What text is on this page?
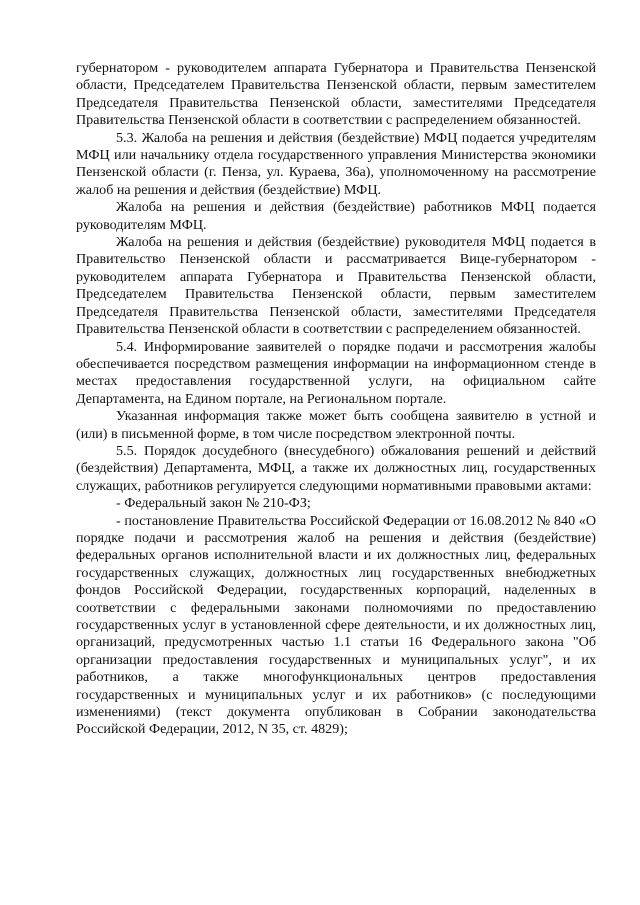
губернатором - руководителем аппарата Губернатора и Правительства Пензенской области, Председателем Правительства Пензенской области, первым заместителем Председателя Правительства Пензенской области, заместителями Председателя Правительства Пензенской области в соответствии с распределением обязанностей.

5.3. Жалоба на решения и действия (бездействие) МФЦ подается учредителям МФЦ или начальнику отдела государственного управления Министерства экономики Пензенской области (г. Пенза, ул. Кураева, 36а), уполномоченному на рассмотрение жалоб на решения и действия (бездействие) МФЦ.

Жалоба на решения и действия (бездействие) работников МФЦ подается руководителям МФЦ.

Жалоба на решения и действия (бездействие) руководителя МФЦ подается в Правительство Пензенской области и рассматривается Вице-губернатором - руководителем аппарата Губернатора и Правительства Пензенской области, Председателем Правительства Пензенской области, первым заместителем Председателя Правительства Пензенской области, заместителями Председателя Правительства Пензенской области в соответствии с распределением обязанностей.

5.4. Информирование заявителей о порядке подачи и рассмотрения жалобы обеспечивается посредством размещения информации на информационном стенде в местах предоставления государственной услуги, на официальном сайте Департамента, на Едином портале, на Региональном портале.

Указанная информация также может быть сообщена заявителю в устной и (или) в письменной форме, в том числе посредством электронной почты.

5.5. Порядок досудебного (внесудебного) обжалования решений и действий (бездействия) Департамента, МФЦ, а также их должностных лиц, государственных служащих, работников регулируется следующими нормативными правовыми актами:

- Федеральный закон № 210-ФЗ;

- постановление Правительства Российской Федерации от 16.08.2012 № 840 «О порядке подачи и рассмотрения жалоб на решения и действия (бездействие) федеральных органов исполнительной власти и их должностных лиц, федеральных государственных служащих, должностных лиц государственных внебюджетных фондов Российской Федерации, государственных корпораций, наделенных в соответствии с федеральными законами полномочиями по предоставлению государственных услуг в установленной сфере деятельности, и их должностных лиц, организаций, предусмотренных частью 1.1 статьи 16 Федерального закона "Об организации предоставления государственных и муниципальных услуг", и их работников, а также многофункциональных центров предоставления государственных и муниципальных услуг и их работников» (с последующими изменениями) (текст документа опубликован в Собрании законодательства Российской Федерации, 2012, N 35, ст. 4829);
